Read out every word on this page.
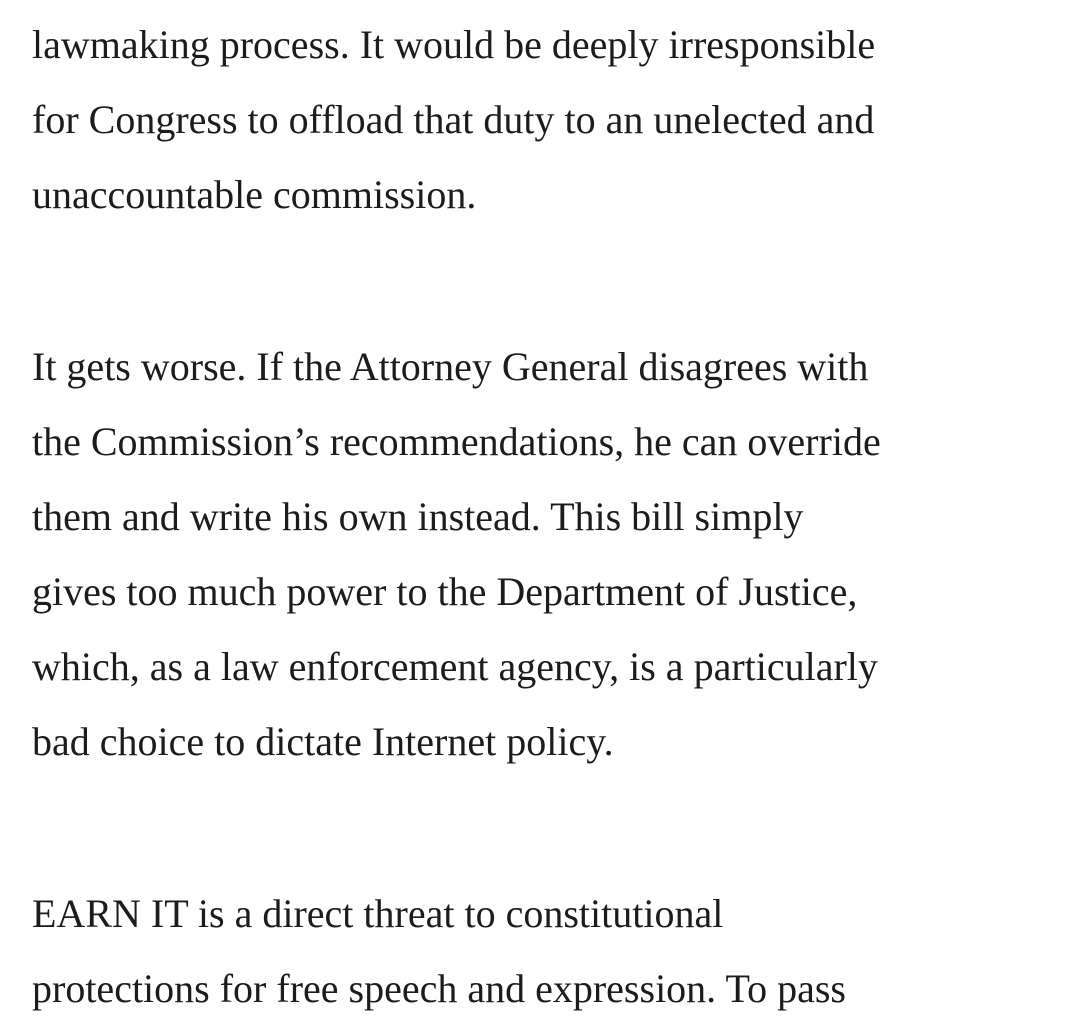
lawmaking process. It would be deeply irresponsible
for Congress to offload that duty to an unelected and
unaccountable commission.
It gets worse. If the Attorney General disagrees with
the Commission’s recommendations, he can override
them and write his own instead. This bill simply
gives too much power to the Department of Justice,
which, as a law enforcement agency, is a particularly
bad choice to dictate Internet policy.
EARN IT is a direct threat to constitutional
protections for free speech and expression. To pass
